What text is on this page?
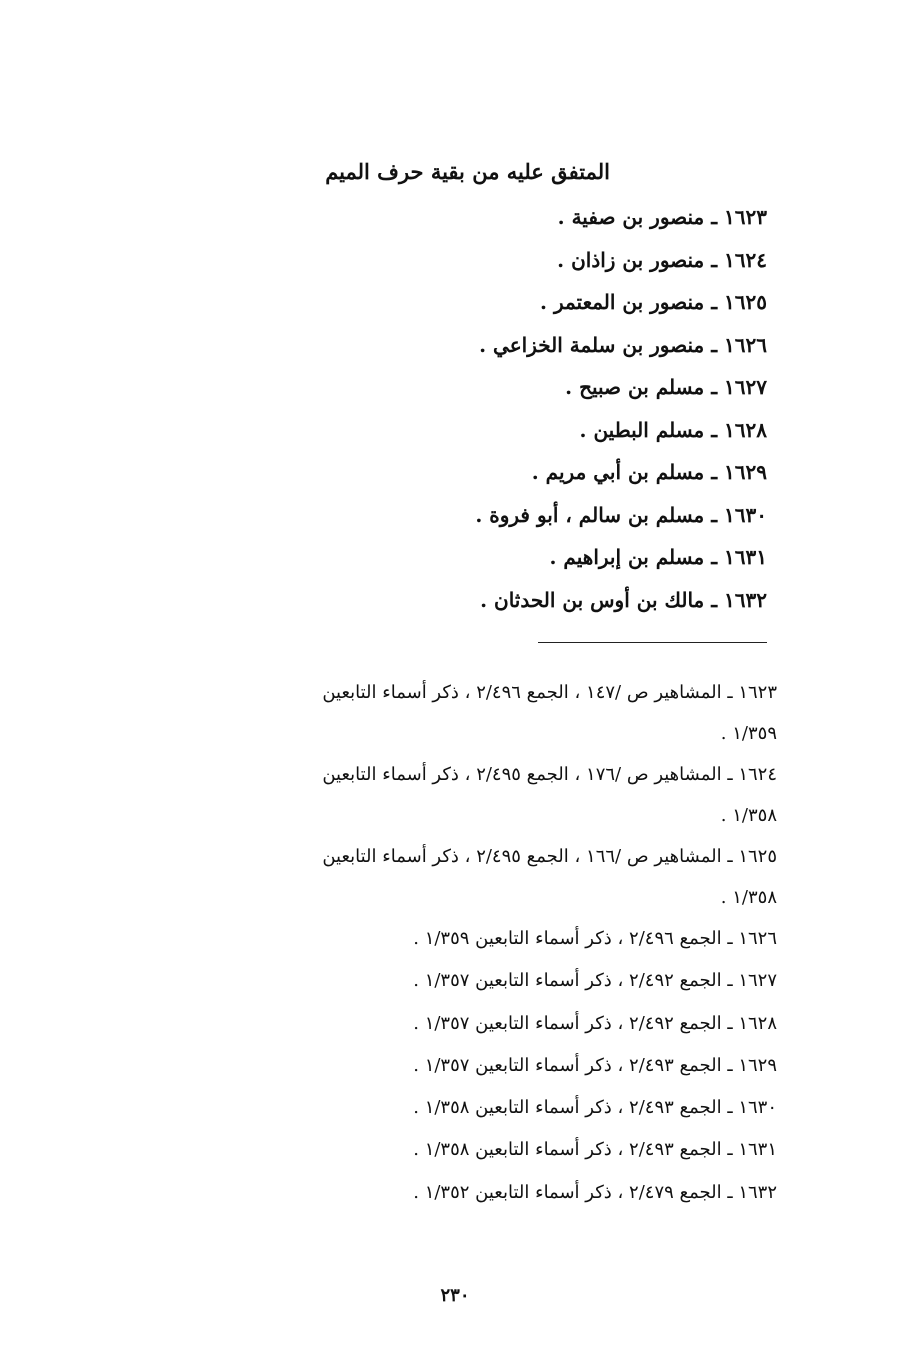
المتفق عليه من بقية حرف الميم
١٦٢٣ ـ منصور بن صفية .
١٦٢٤ ـ منصور بن زاذان .
١٦٢٥ ـ منصور بن المعتمر .
١٦٢٦ ـ منصور بن سلمة الخزاعي .
١٦٢٧ ـ مسلم بن صبيح .
١٦٢٨ ـ مسلم البطين .
١٦٢٩ ـ مسلم بن أبي مريم .
١٦٣٠ ـ مسلم بن سالم ، أبو فروة .
١٦٣١ ـ مسلم بن إبراهيم .
١٦٣٢ ـ مالك بن أوس بن الحدثان .
١٦٢٣ ـ المشاهير ص /١٤٧ ، الجمع ٢/٤٩٦ ، ذكر أسماء التابعين
١/٣٥٩ .
١٦٢٤ ـ المشاهير ص /١٧٦ ، الجمع ٢/٤٩٥ ، ذكر أسماء التابعين
١/٣٥٨ .
١٦٢٥ ـ المشاهير ص /١٦٦ ، الجمع ٢/٤٩٥ ، ذكر أسماء التابعين
١/٣٥٨ .
١٦٢٦ ـ الجمع ٢/٤٩٦ ، ذكر أسماء التابعين ١/٣٥٩ .
١٦٢٧ ـ الجمع ٢/٤٩٢ ، ذكر أسماء التابعين ١/٣٥٧ .
١٦٢٨ ـ الجمع ٢/٤٩٢ ، ذكر أسماء التابعين ١/٣٥٧ .
١٦٢٩ ـ الجمع ٢/٤٩٣ ، ذكر أسماء التابعين ١/٣٥٧ .
١٦٣٠ ـ الجمع ٢/٤٩٣ ، ذكر أسماء التابعين ١/٣٥٨ .
١٦٣١ ـ الجمع ٢/٤٩٣ ، ذكر أسماء التابعين ١/٣٥٨ .
١٦٣٢ ـ الجمع ٢/٤٧٩ ، ذكر أسماء التابعين ١/٣٥٢ .
٢٣٠
